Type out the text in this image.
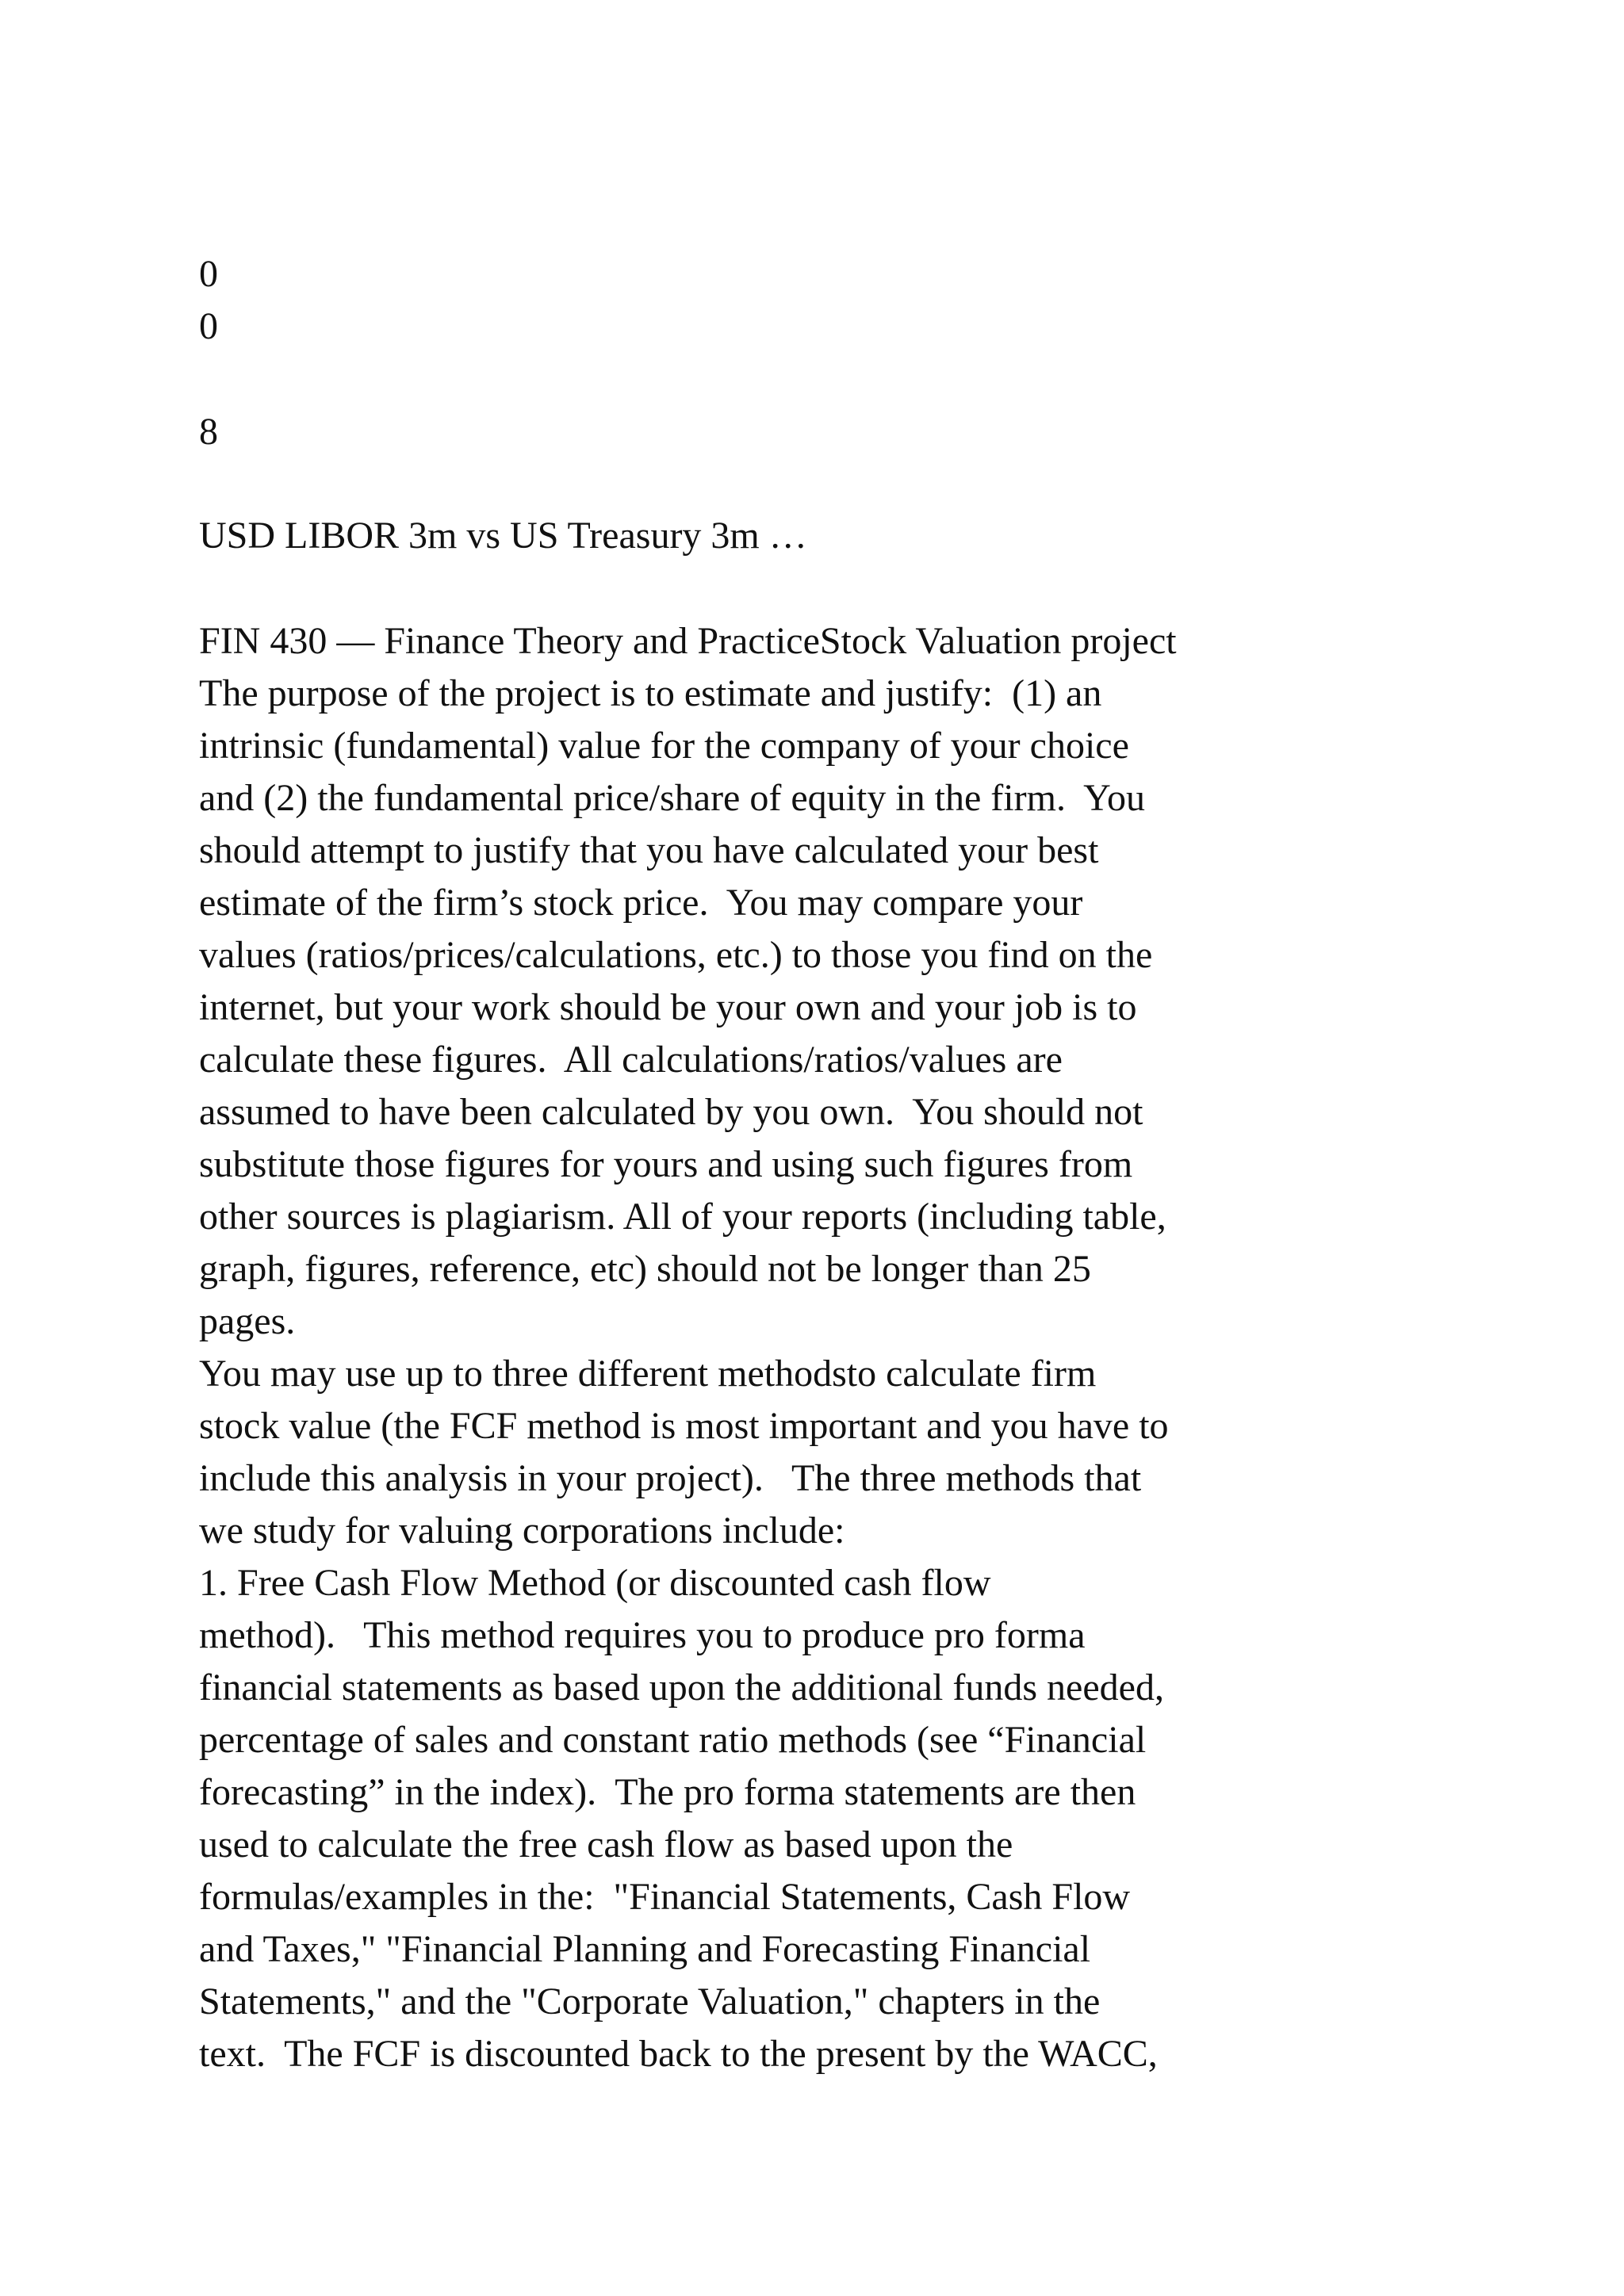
0

0

8

USD LIBOR 3m vs US Treasury 3m …

FIN 430 — Finance Theory and PracticeStock Valuation project

The purpose of the project is to estimate and justify:  (1) an

intrinsic (fundamental) value for the company of your choice

and (2) the fundamental price/share of equity in the firm.  You

should attempt to justify that you have calculated your best

estimate of the firm’s stock price.  You may compare your

values (ratios/prices/calculations, etc.) to those you find on the

internet, but your work should be your own and your job is to

calculate these figures.  All calculations/ratios/values are

assumed to have been calculated by you own.  You should not

substitute those figures for yours and using such figures from

other sources is plagiarism. All of your reports (including table,

graph, figures, reference, etc) should not be longer than 25

pages.

You may use up to three different methodsto calculate firm

stock value (the FCF method is most important and you have to

include this analysis in your project).   The three methods that

we study for valuing corporations include:

1. Free Cash Flow Method (or discounted cash flow

method).   This method requires you to produce pro forma

financial statements as based upon the additional funds needed,

percentage of sales and constant ratio methods (see “Financial

forecasting” in the index).  The pro forma statements are then

used to calculate the free cash flow as based upon the

formulas/examples in the:  "Financial Statements, Cash Flow

and Taxes," "Financial Planning and Forecasting Financial

Statements," and the "Corporate Valuation," chapters in the

text.  The FCF is discounted back to the present by the WACC,
